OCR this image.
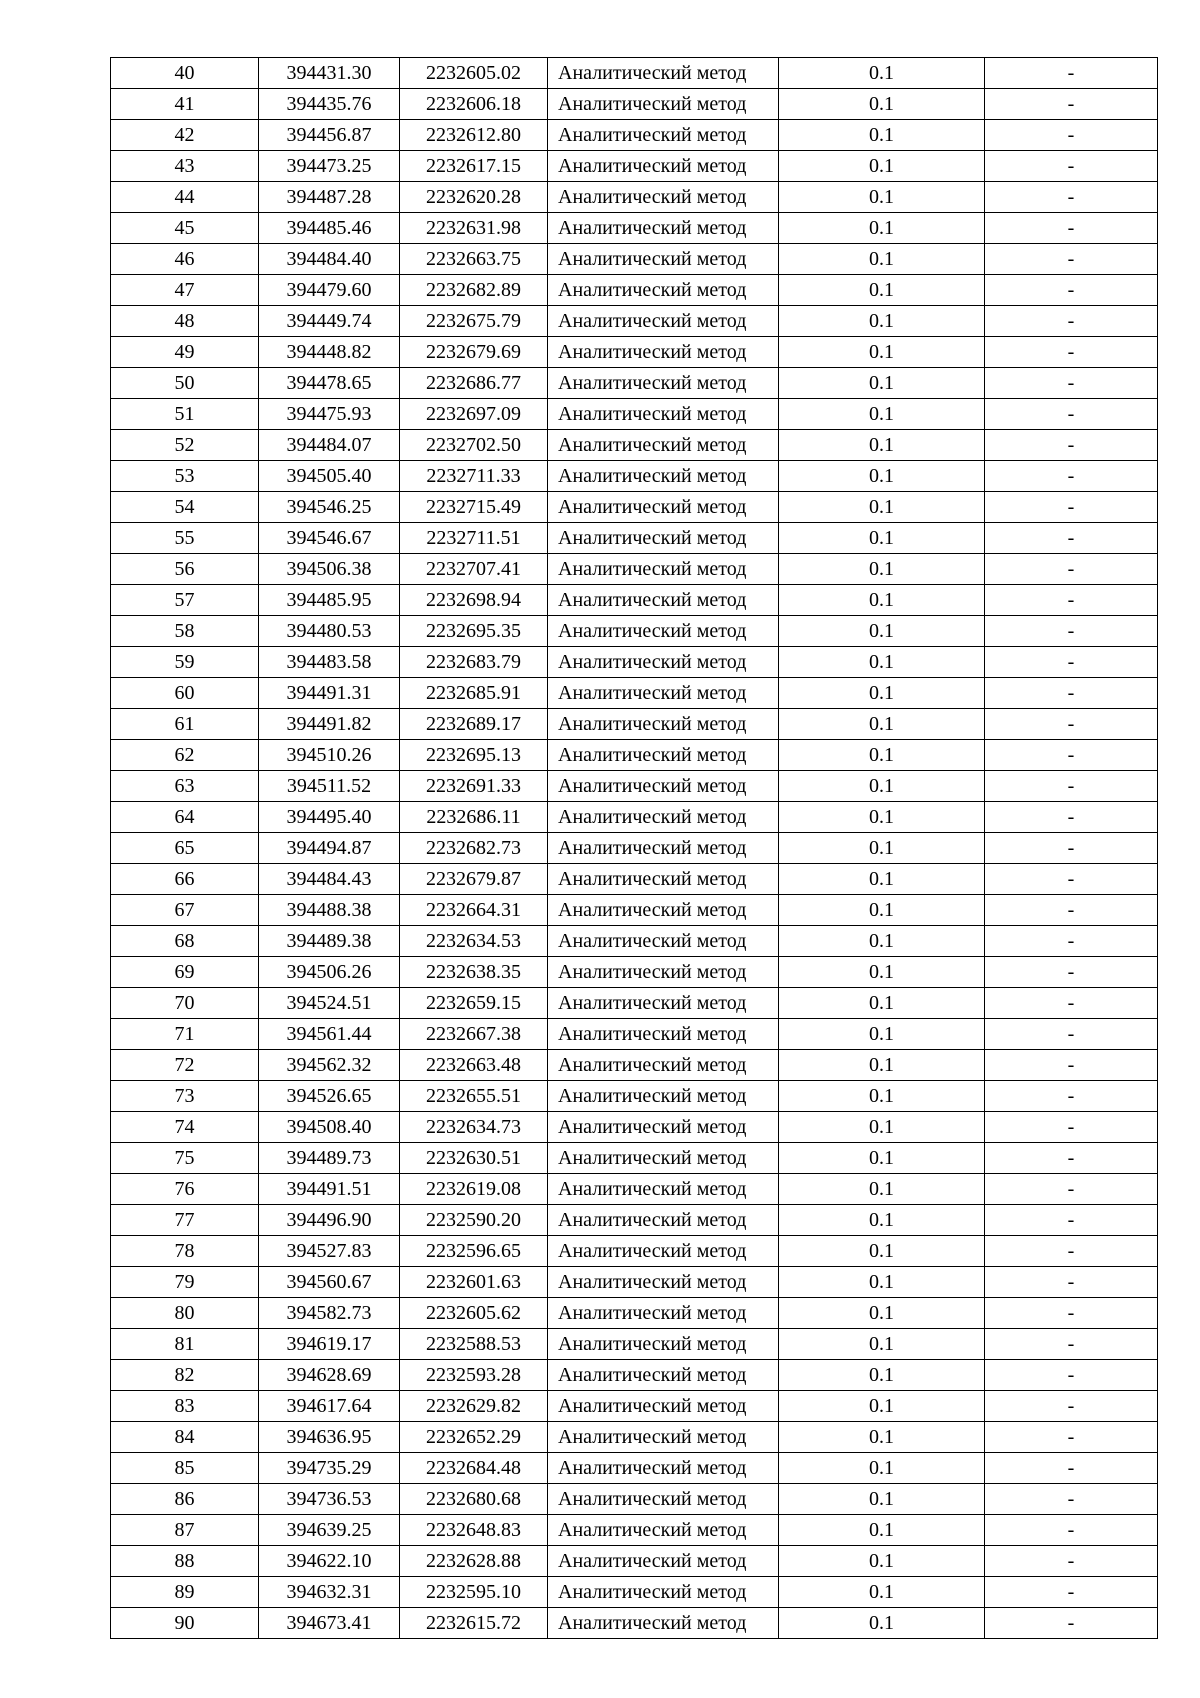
40	394431.30	2232605.02	Аналитический метод	0.1	-
41	394435.76	2232606.18	Аналитический метод	0.1	-
42	394456.87	2232612.80	Аналитический метод	0.1	-
43	394473.25	2232617.15	Аналитический метод	0.1	-
44	394487.28	2232620.28	Аналитический метод	0.1	-
45	394485.46	2232631.98	Аналитический метод	0.1	-
46	394484.40	2232663.75	Аналитический метод	0.1	-
47	394479.60	2232682.89	Аналитический метод	0.1	-
48	394449.74	2232675.79	Аналитический метод	0.1	-
49	394448.82	2232679.69	Аналитический метод	0.1	-
50	394478.65	2232686.77	Аналитический метод	0.1	-
51	394475.93	2232697.09	Аналитический метод	0.1	-
52	394484.07	2232702.50	Аналитический метод	0.1	-
53	394505.40	2232711.33	Аналитический метод	0.1	-
54	394546.25	2232715.49	Аналитический метод	0.1	-
55	394546.67	2232711.51	Аналитический метод	0.1	-
56	394506.38	2232707.41	Аналитический метод	0.1	-
57	394485.95	2232698.94	Аналитический метод	0.1	-
58	394480.53	2232695.35	Аналитический метод	0.1	-
59	394483.58	2232683.79	Аналитический метод	0.1	-
60	394491.31	2232685.91	Аналитический метод	0.1	-
61	394491.82	2232689.17	Аналитический метод	0.1	-
62	394510.26	2232695.13	Аналитический метод	0.1	-
63	394511.52	2232691.33	Аналитический метод	0.1	-
64	394495.40	2232686.11	Аналитический метод	0.1	-
65	394494.87	2232682.73	Аналитический метод	0.1	-
66	394484.43	2232679.87	Аналитический метод	0.1	-
67	394488.38	2232664.31	Аналитический метод	0.1	-
68	394489.38	2232634.53	Аналитический метод	0.1	-
69	394506.26	2232638.35	Аналитический метод	0.1	-
70	394524.51	2232659.15	Аналитический метод	0.1	-
71	394561.44	2232667.38	Аналитический метод	0.1	-
72	394562.32	2232663.48	Аналитический метод	0.1	-
73	394526.65	2232655.51	Аналитический метод	0.1	-
74	394508.40	2232634.73	Аналитический метод	0.1	-
75	394489.73	2232630.51	Аналитический метод	0.1	-
76	394491.51	2232619.08	Аналитический метод	0.1	-
77	394496.90	2232590.20	Аналитический метод	0.1	-
78	394527.83	2232596.65	Аналитический метод	0.1	-
79	394560.67	2232601.63	Аналитический метод	0.1	-
80	394582.73	2232605.62	Аналитический метод	0.1	-
81	394619.17	2232588.53	Аналитический метод	0.1	-
82	394628.69	2232593.28	Аналитический метод	0.1	-
83	394617.64	2232629.82	Аналитический метод	0.1	-
84	394636.95	2232652.29	Аналитический метод	0.1	-
85	394735.29	2232684.48	Аналитический метод	0.1	-
86	394736.53	2232680.68	Аналитический метод	0.1	-
87	394639.25	2232648.83	Аналитический метод	0.1	-
88	394622.10	2232628.88	Аналитический метод	0.1	-
89	394632.31	2232595.10	Аналитический метод	0.1	-
90	394673.41	2232615.72	Аналитический метод	0.1	-
